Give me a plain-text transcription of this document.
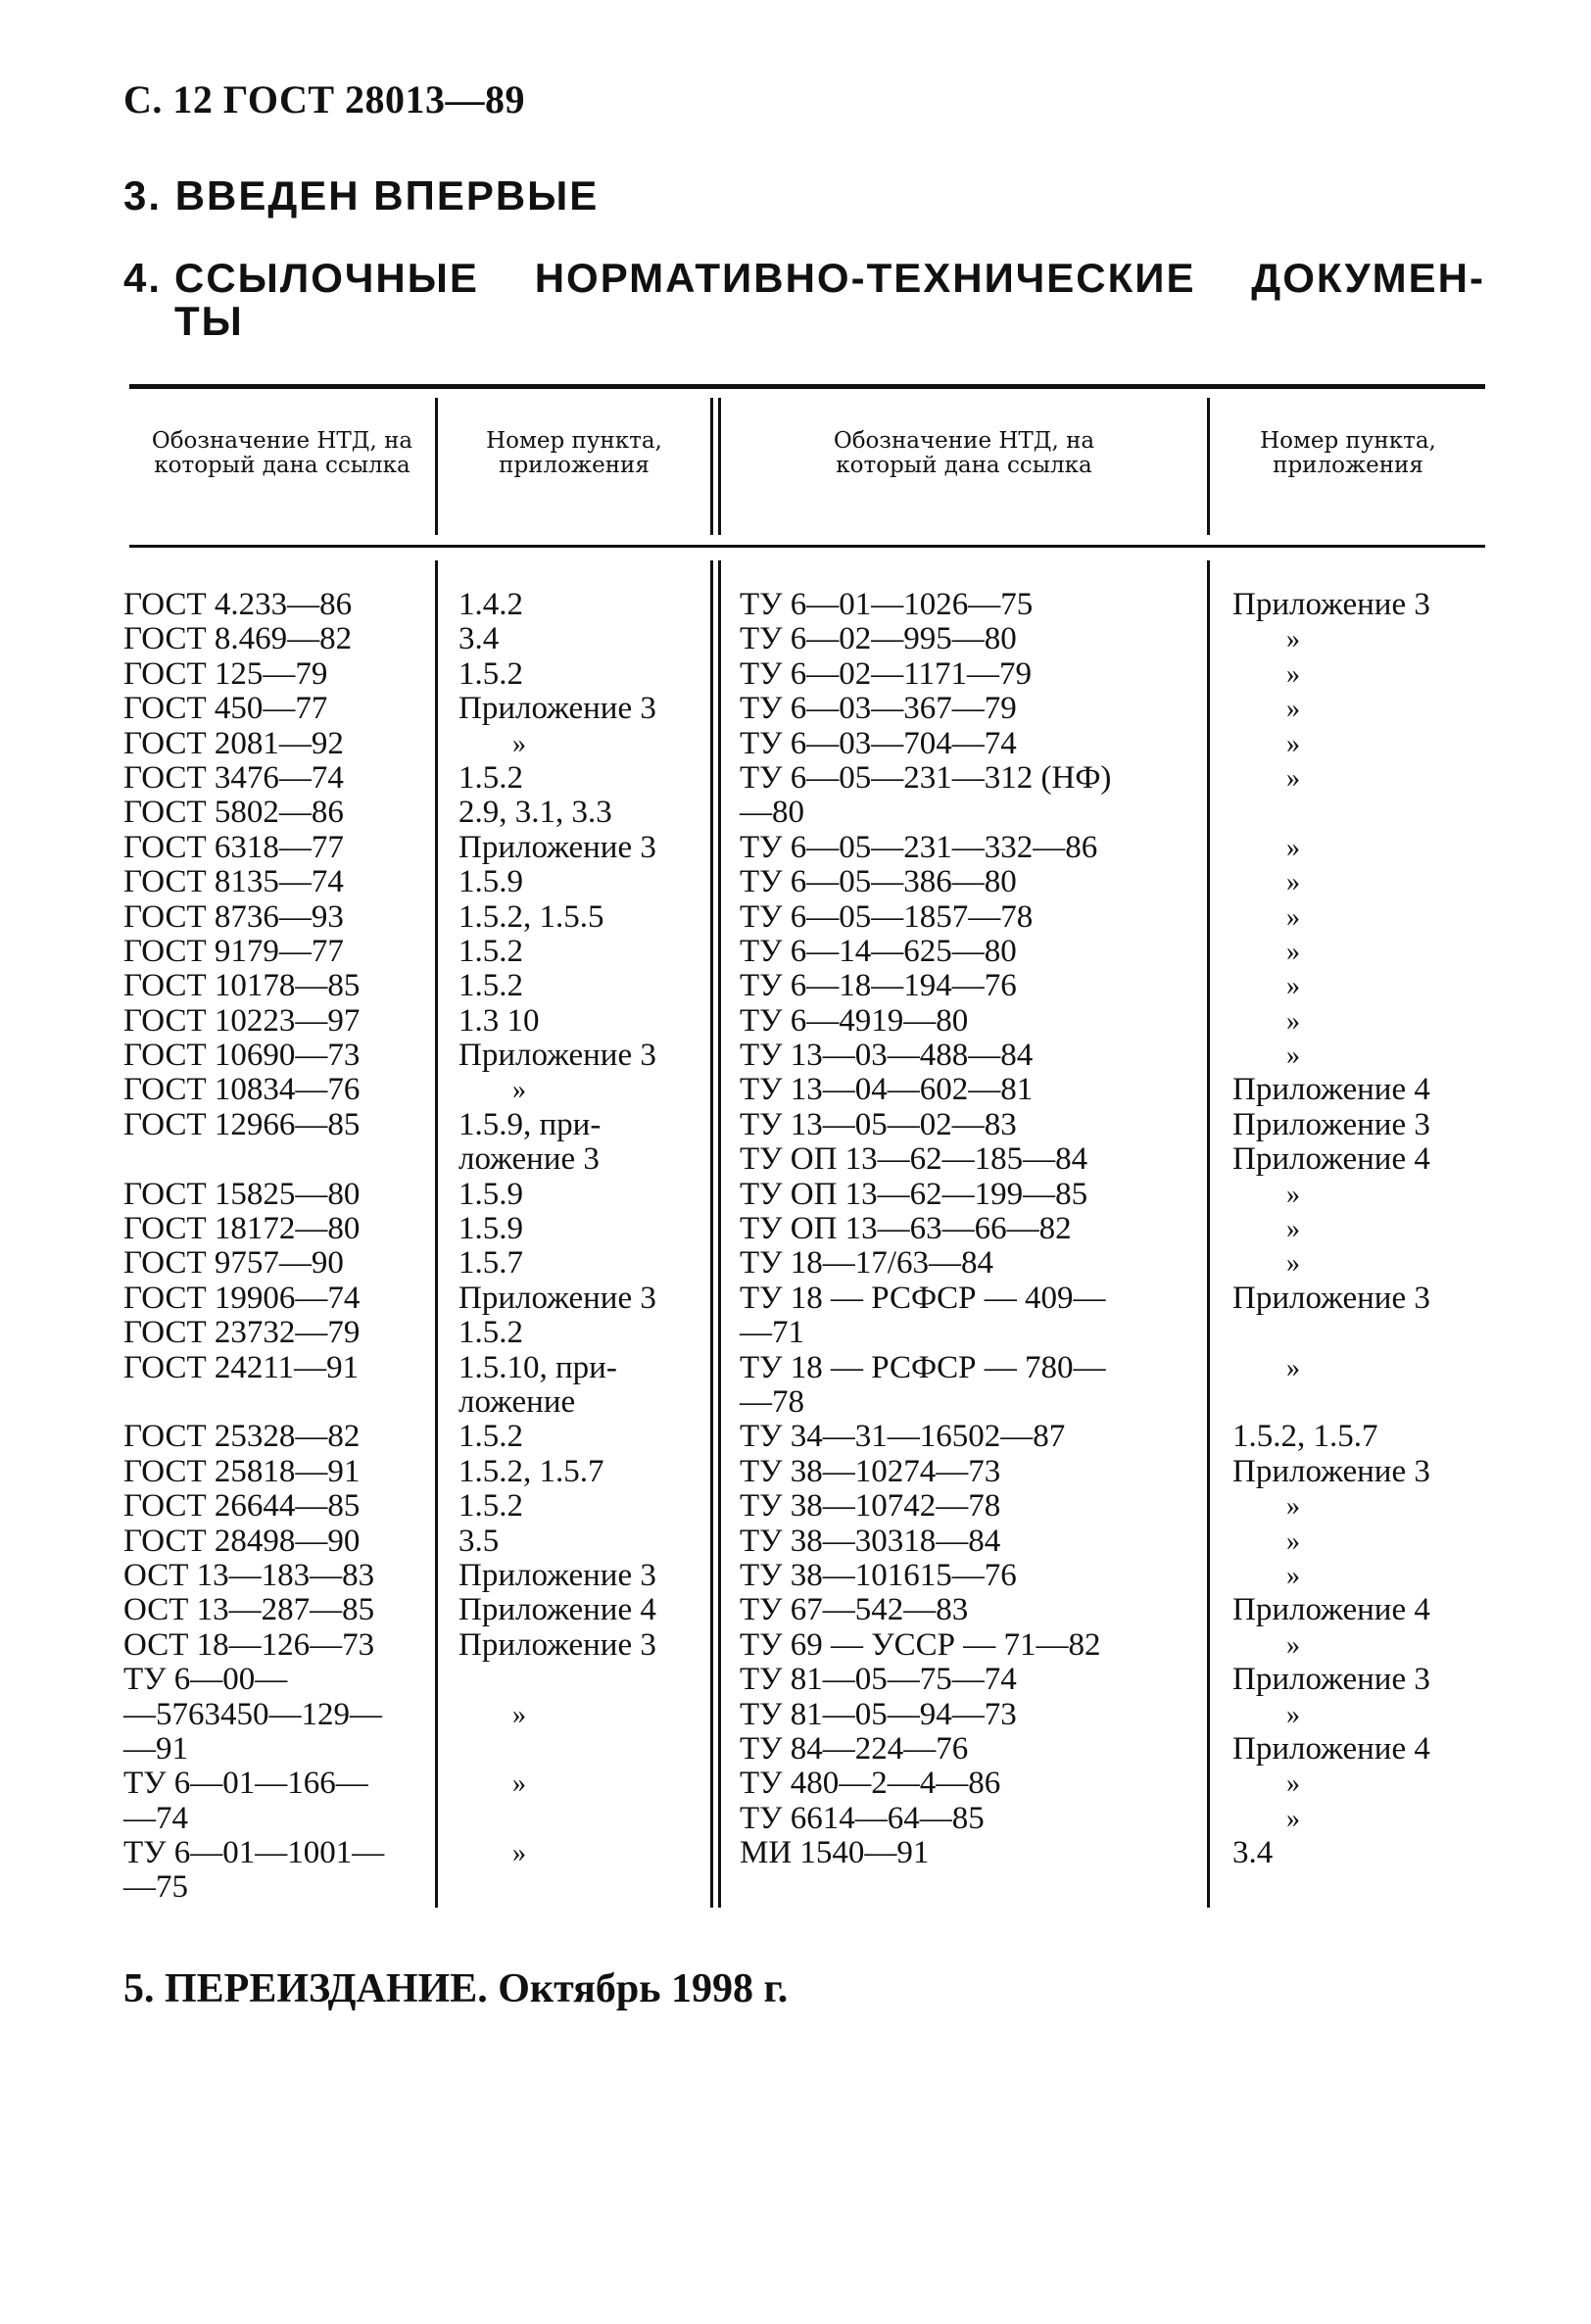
С. 12 ГОСТ 28013—89
3. ВВЕДЕН ВПЕРВЫЕ
4. ССЫЛОЧНЫЕ НОРМАТИВНО-ТЕХНИЧЕСКИЕ ДОКУМЕН-
ТЫ
Обозначение НТД, на который дана ссылка
Номер пункта, приложения
Обозначение НТД, на который дана ссылка
Номер пункта, приложения
ГОСТ 4.233—86
ГОСТ 8.469—82
ГОСТ 125—79
ГОСТ 450—77
ГОСТ 2081—92
ГОСТ 3476—74
ГОСТ 5802—86
ГОСТ 6318—77
ГОСТ 8135—74
ГОСТ 8736—93
ГОСТ 9179—77
ГОСТ 10178—85
ГОСТ 10223—97
ГОСТ 10690—73
ГОСТ 10834—76
ГОСТ 12966—85
ГОСТ 15825—80
ГОСТ 18172—80
ГОСТ 9757—90
ГОСТ 19906—74
ГОСТ 23732—79
ГОСТ 24211—91
ГОСТ 25328—82
ГОСТ 25818—91
ГОСТ 26644—85
ГОСТ 28498—90
ОСТ 13—183—83
ОСТ 13—287—85
ОСТ 18—126—73
ТУ 6—00—
—5763450—129—
—91
ТУ 6—01—166—
—74
ТУ 6—01—1001—
—75
1.4.2
3.4
1.5.2
Приложение 3
»
1.5.2
2.9, 3.1, 3.3
Приложение 3
1.5.9
1.5.2, 1.5.5
1.5.2
1.5.2
1.3 10
Приложение 3
»
1.5.9, при-
ложение 3
1.5.9
1.5.9
1.5.7
Приложение 3
1.5.2
1.5.10, при-
ложение
1.5.2
1.5.2, 1.5.7
1.5.2
3.5
Приложение 3
Приложение 4
Приложение 3
»
»
»
ТУ 6—01—1026—75
ТУ 6—02—995—80
ТУ 6—02—1171—79
ТУ 6—03—367—79
ТУ 6—03—704—74
ТУ 6—05—231—312 (НФ)
—80
ТУ 6—05—231—332—86
ТУ 6—05—386—80
ТУ 6—05—1857—78
ТУ 6—14—625—80
ТУ 6—18—194—76
ТУ 6—4919—80
ТУ 13—03—488—84
ТУ 13—04—602—81
ТУ 13—05—02—83
ТУ ОП 13—62—185—84
ТУ ОП 13—62—199—85
ТУ ОП 13—63—66—82
ТУ 18—17/63—84
ТУ 18 — РСФСР — 409—
—71
ТУ 18 — РСФСР — 780—
—78
ТУ 34—31—16502—87
ТУ 38—10274—73
ТУ 38—10742—78
ТУ 38—30318—84
ТУ 38—101615—76
ТУ 67—542—83
ТУ 69 — УССР — 71—82
ТУ 81—05—75—74
ТУ 81—05—94—73
ТУ 84—224—76
ТУ 480—2—4—86
ТУ 6614—64—85
МИ 1540—91
Приложение 3
»
»
»
»
»
»
»
»
»
»
»
»
Приложение 4
Приложение 3
Приложение 4
»
»
»
Приложение 3
»
1.5.2, 1.5.7
Приложение 3
»
»
»
Приложение 4
»
Приложение 3
»
Приложение 4
»
»
3.4
5. ПЕРЕИЗДАНИЕ. Октябрь 1998 г.
